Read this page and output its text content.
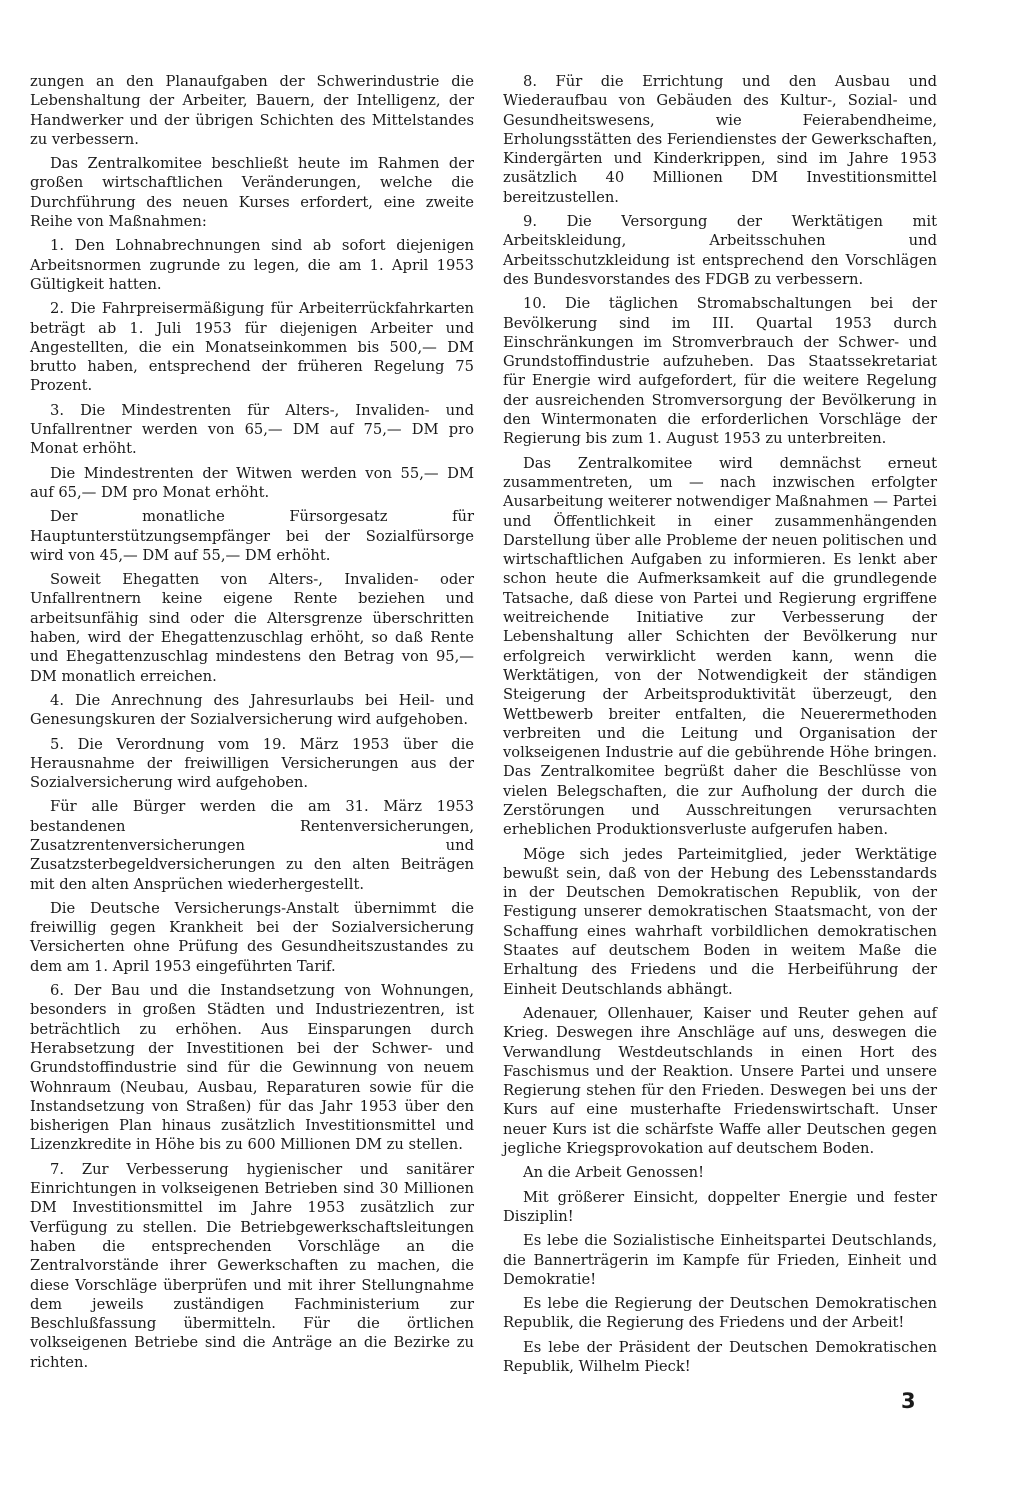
zungen an den Planaufgaben der Schwerindustrie die Lebenshaltung der Arbeiter, Bauern, der Intelligenz, der Handwerker und der übrigen Schichten des Mittelstandes zu verbessern.

Das Zentralkomitee beschließt heute im Rahmen der großen wirtschaftlichen Veränderungen, welche die Durchführung des neuen Kurses erfordert, eine zweite Reihe von Maßnahmen:

1. Den Lohnabrechnungen sind ab sofort diejenigen Arbeitsnormen zugrunde zu legen, die am 1. April 1953 Gültigkeit hatten.

2. Die Fahrpreisermäßigung für Arbeiterrückfahrkarten beträgt ab 1. Juli 1953 für diejenigen Arbeiter und Angestellten, die ein Monatseinkommen bis 500,— DM brutto haben, entsprechend der früheren Regelung 75 Prozent.

3. Die Mindestrenten für Alters-, Invaliden- und Unfallrentner werden von 65,— DM auf 75,— DM pro Monat erhöht.

Die Mindestrenten der Witwen werden von 55,— DM auf 65,— DM pro Monat erhöht.

Der monatliche Fürsorgesatz für Hauptunterstützungsempfänger bei der Sozialfürsorge wird von 45,— DM auf 55,— DM erhöht.

Soweit Ehegatten von Alters-, Invaliden- oder Unfallrentnern keine eigene Rente beziehen und arbeitsunfähig sind oder die Altersgrenze überschritten haben, wird der Ehegattenzuschlag erhöht, so daß Rente und Ehegattenzuschlag mindestens den Betrag von 95,— DM monatlich erreichen.

4. Die Anrechnung des Jahresurlaubs bei Heil- und Genesungskuren der Sozialversicherung wird aufgehoben.

5. Die Verordnung vom 19. März 1953 über die Herausnahme der freiwilligen Versicherungen aus der Sozialversicherung wird aufgehoben.

Für alle Bürger werden die am 31. März 1953 bestandenen Rentenversicherungen, Zusatzrentenversicherungen und Zusatzsterbegeldversicherungen zu den alten Beiträgen mit den alten Ansprüchen wiederhergestellt.

Die Deutsche Versicherungs-Anstalt übernimmt die freiwillig gegen Krankheit bei der Sozialversicherung Versicherten ohne Prüfung des Gesundheitszustandes zu dem am 1. April 1953 eingeführten Tarif.

6. Der Bau und die Instandsetzung von Wohnungen, besonders in großen Städten und Industriezentren, ist beträchtlich zu erhöhen. Aus Einsparungen durch Herabsetzung der Investitionen bei der Schwer- und Grundstoffindustrie sind für die Gewinnung von neuem Wohnraum (Neubau, Ausbau, Reparaturen sowie für die Instandsetzung von Straßen) für das Jahr 1953 über den bisherigen Plan hinaus zusätzlich Investitionsmittel und Lizenzkredite in Höhe bis zu 600 Millionen DM zu stellen.

7. Zur Verbesserung hygienischer und sanitärer Einrichtungen in volkseigenen Betrieben sind 30 Millionen DM Investitionsmittel im Jahre 1953 zusätzlich zur Verfügung zu stellen. Die Betriebgewerkschaftsleitungen haben die entsprechenden Vorschläge an die Zentralvorstände ihrer Gewerkschaften zu machen, die diese Vorschläge überprüfen und mit ihrer Stellungnahme dem jeweils zuständigen Fachministerium zur Beschlußfassung übermitteln. Für die örtlichen volkseigenen Betriebe sind die Anträge an die Bezirke zu richten.

8. Für die Errichtung und den Ausbau und Wiederaufbau von Gebäuden des Kultur-, Sozial- und Gesundheitswesens, wie Feierabendheime, Erholungsstätten des Feriendienstes der Gewerkschaften, Kindergärten und Kinderkrippen, sind im Jahre 1953 zusätzlich 40 Millionen DM Investitionsmittel bereitzustellen.

9. Die Versorgung der Werktätigen mit Arbeitskleidung, Arbeitsschuhen und Arbeitsschutzkleidung ist entsprechend den Vorschlägen des Bundesvorstandes des FDGB zu verbessern.

10. Die täglichen Stromabschaltungen bei der Bevölkerung sind im III. Quartal 1953 durch Einschränkungen im Stromverbrauch der Schwer- und Grundstoffindustrie aufzuheben. Das Staatssekretariat für Energie wird aufgefordert, für die weitere Regelung der ausreichenden Stromversorgung der Bevölkerung in den Wintermonaten die erforderlichen Vorschläge der Regierung bis zum 1. August 1953 zu unterbreiten.

Das Zentralkomitee wird demnächst erneut zusammentreten, um — nach inzwischen erfolgter Ausarbeitung weiterer notwendiger Maßnahmen — Partei und Öffentlichkeit in einer zusammenhängenden Darstellung über alle Probleme der neuen politischen und wirtschaftlichen Aufgaben zu informieren. Es lenkt aber schon heute die Aufmerksamkeit auf die grundlegende Tatsache, daß diese von Partei und Regierung ergriffene weitreichende Initiative zur Verbesserung der Lebenshaltung aller Schichten der Bevölkerung nur erfolgreich verwirklicht werden kann, wenn die Werktätigen, von der Notwendigkeit der ständigen Steigerung der Arbeitsproduktivität überzeugt, den Wettbewerb breiter entfalten, die Neuerermethoden verbreiten und die Leitung und Organisation der volkseigenen Industrie auf die gebührende Höhe bringen. Das Zentralkomitee begrüßt daher die Beschlüsse von vielen Belegschaften, die zur Aufholung der durch die Zerstörungen und Ausschreitungen verursachten erheblichen Produktionsverluste aufgerufen haben.

Möge sich jedes Parteimitglied, jeder Werktätige bewußt sein, daß von der Hebung des Lebensstandards in der Deutschen Demokratischen Republik, von der Festigung unserer demokratischen Staatsmacht, von der Schaffung eines wahrhaft vorbildlichen demokratischen Staates auf deutschem Boden in weitem Maße die Erhaltung des Friedens und die Herbeiführung der Einheit Deutschlands abhängt.

Adenauer, Ollenhauer, Kaiser und Reuter gehen auf Krieg. Deswegen ihre Anschläge auf uns, deswegen die Verwandlung Westdeutschlands in einen Hort des Faschismus und der Reaktion. Unsere Partei und unsere Regierung stehen für den Frieden. Deswegen bei uns der Kurs auf eine musterhafte Friedenswirtschaft. Unser neuer Kurs ist die schärfste Waffe aller Deutschen gegen jegliche Kriegsprovokation auf deutschem Boden.

An die Arbeit Genossen!

Mit größerer Einsicht, doppelter Energie und fester Disziplin!

Es lebe die Sozialistische Einheitspartei Deutschlands, die Bannerträgerin im Kampfe für Frieden, Einheit und Demokratie!

Es lebe die Regierung der Deutschen Demokratischen Republik, die Regierung des Friedens und der Arbeit!

Es lebe der Präsident der Deutschen Demokratischen Republik, Wilhelm Pieck!

3
